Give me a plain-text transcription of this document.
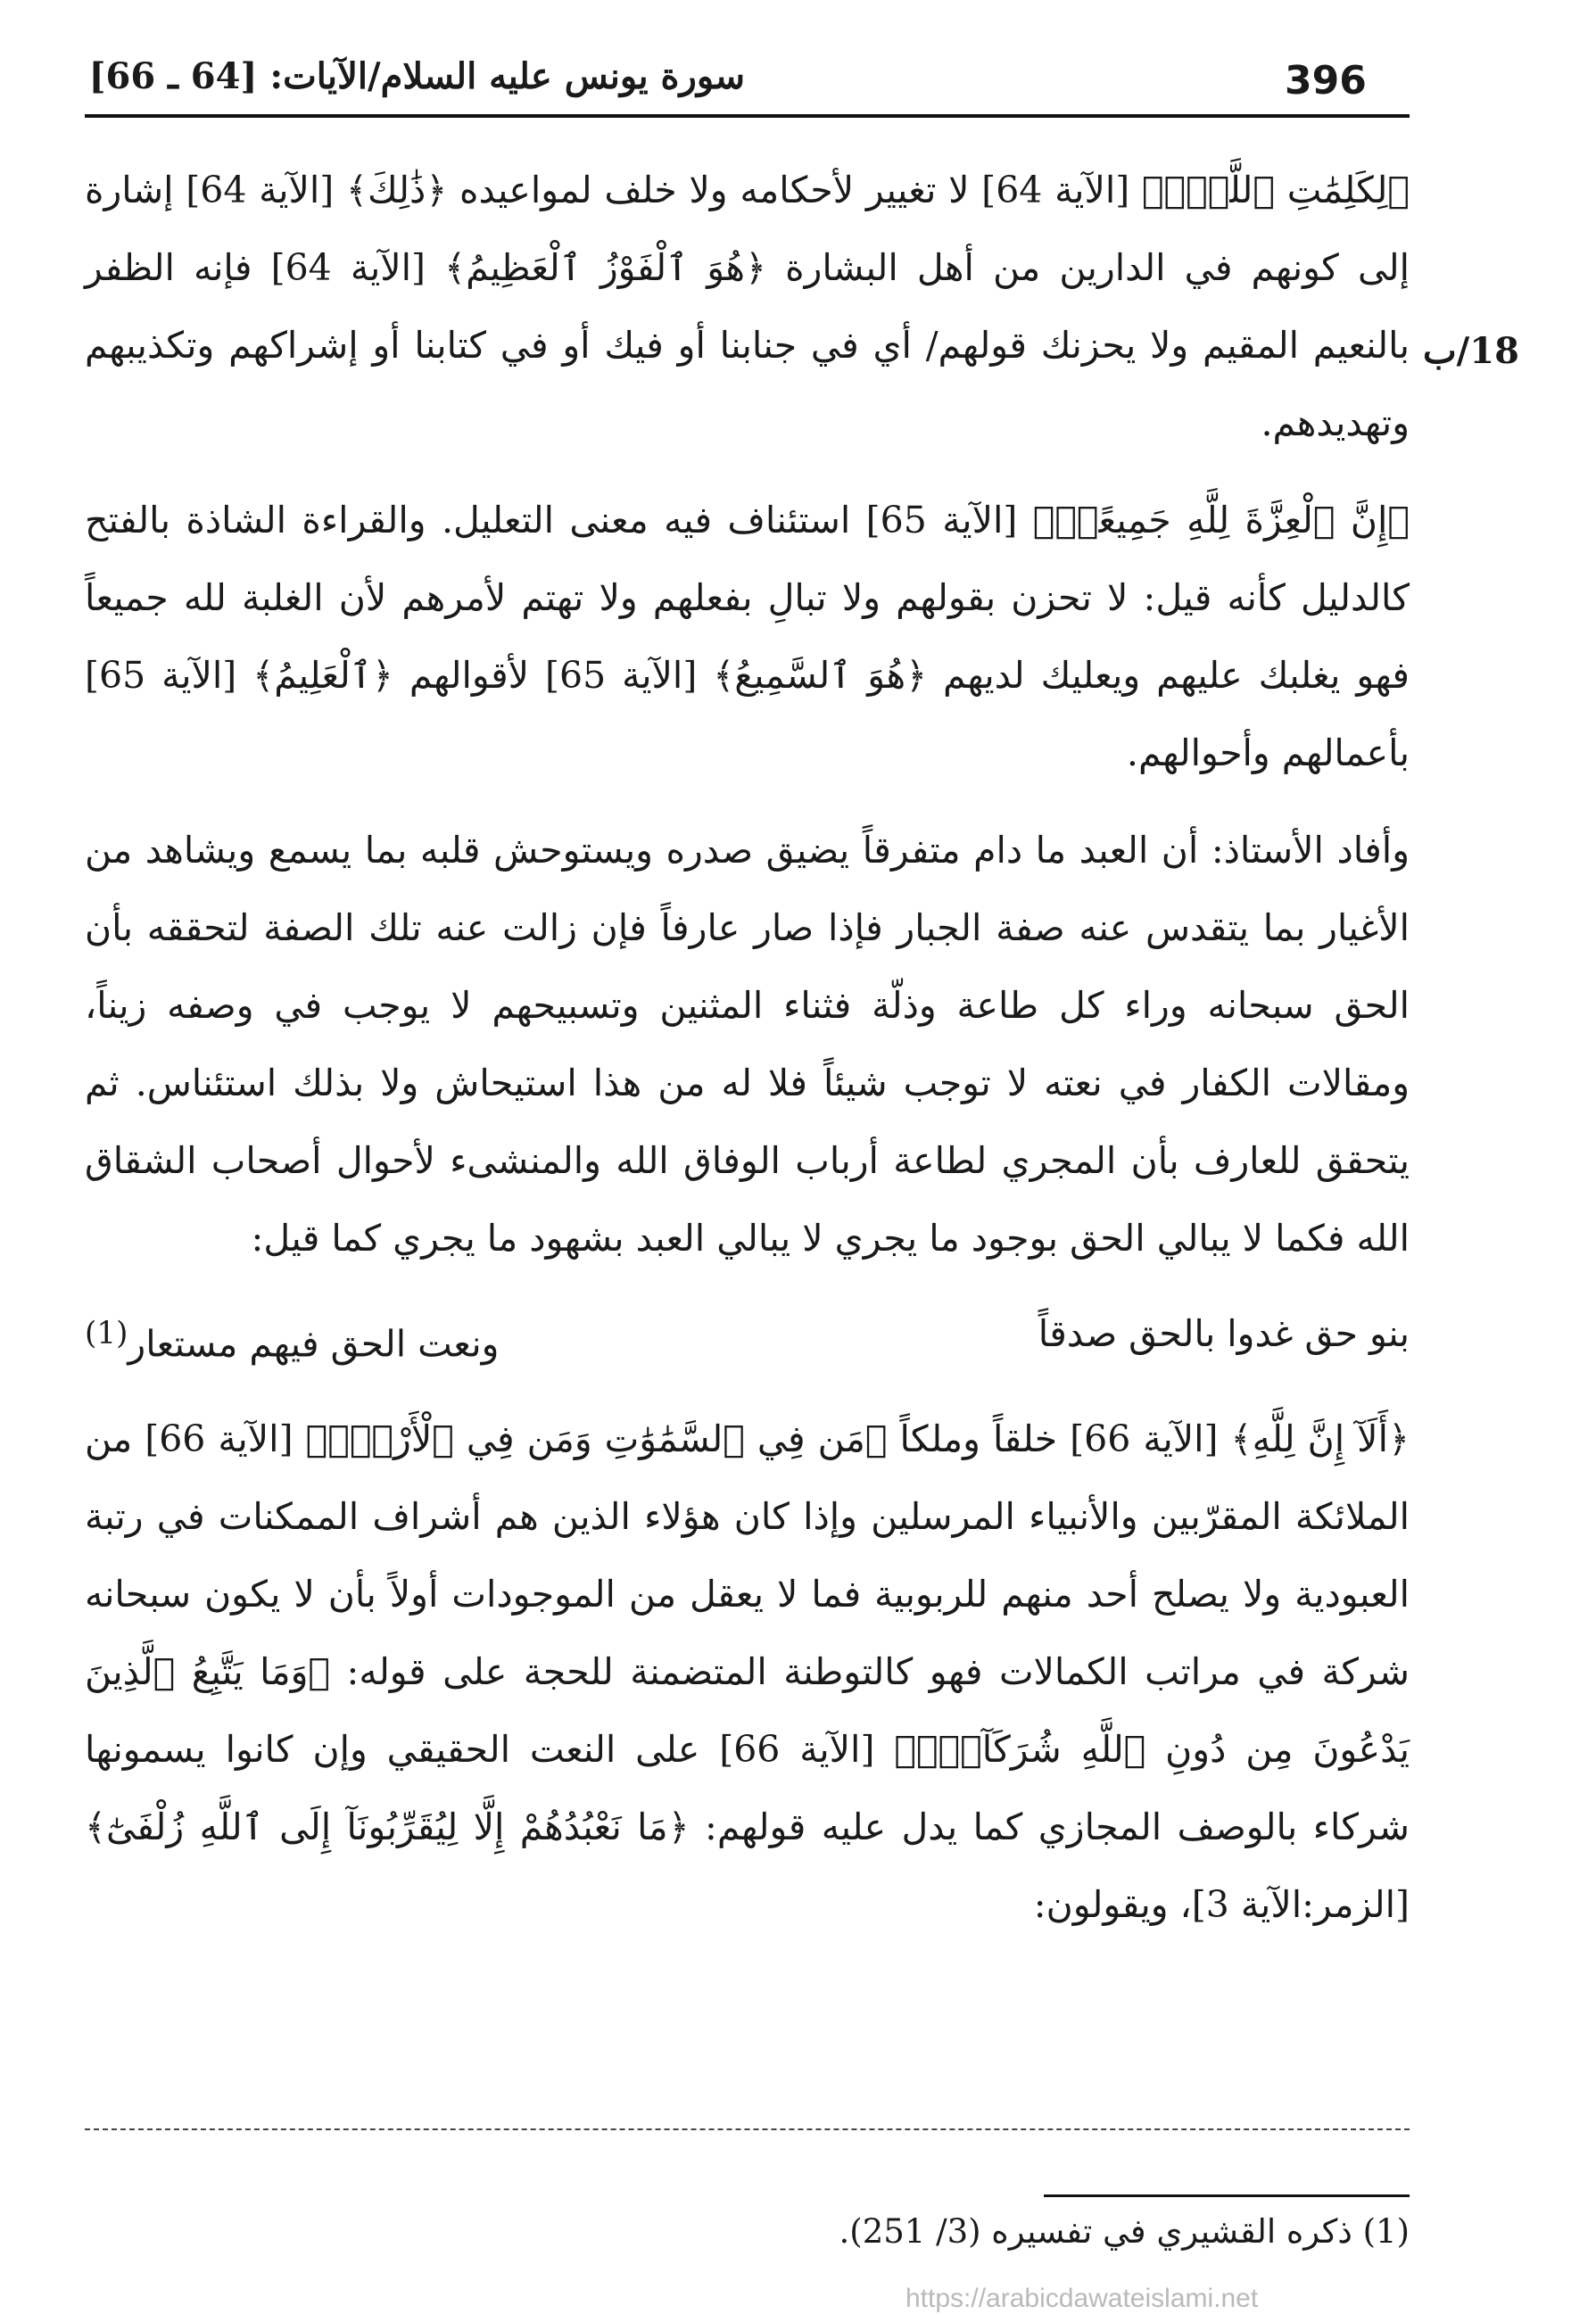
396
سورة يونس عليه السلام/الآيات: [64 ـ 66]
18/ب

﴿لِكَلِمَٰتِ ٱللَّهِۚ﴾ [الآية 64] لا تغيير لأحكامه ولا خلف لمواعيده ﴿ذَٰلِكَ﴾ [الآية 64] إشارة إلى كونهم في الدارين من أهل البشارة ﴿هُوَ ٱلْفَوْزُ ٱلْعَظِيمُ﴾ [الآية 64] فإنه الظفر بالنعيم المقيم ولا يحزنك قولهم/ أي في جنابنا أو فيك أو في كتابنا أو إشراكهم وتكذيبهم وتهديدهم.

﴿إِنَّ ٱلْعِزَّةَ لِلَّهِ جَمِيعًاۚ﴾ [الآية 65] استئناف فيه معنى التعليل. والقراءة الشاذة بالفتح كالدليل كأنه قيل: لا تحزن بقولهم ولا تبالِ بفعلهم ولا تهتم لأمرهم لأن الغلبة لله جميعاً فهو يغلبك عليهم ويعليك لديهم ﴿هُوَ ٱلسَّمِيعُ﴾ [الآية 65] لأقوالهم ﴿ٱلْعَلِيمُ﴾ [الآية 65] بأعمالهم وأحوالهم.

وأفاد الأستاذ: أن العبد ما دام متفرقاً يضيق صدره ويستوحش قلبه بما يسمع ويشاهد من الأغيار بما يتقدس عنه صفة الجبار فإذا صار عارفاً فإن زالت عنه تلك الصفة لتحققه بأن الحق سبحانه وراء كل طاعة وذلّة فثناء المثنين وتسبيحهم لا يوجب في وصفه زيناً، ومقالات الكفار في نعته لا توجب شيئاً فلا له من هذا استيحاش ولا بذلك استئناس. ثم يتحقق للعارف بأن المجري لطاعة أرباب الوفاق الله والمنشىء لأحوال أصحاب الشقاق الله فكما لا يبالي الحق بوجود ما يجري لا يبالي العبد بشهود ما يجري كما قيل:

بنو حق غدوا بالحق صدقاً
ونعت الحق فيهم مستعار$^{(1)}$

﴿أَلَآ إِنَّ لِلَّهِ﴾ [الآية 66] خلقاً وملكاً ﴿مَن فِي ٱلسَّمَٰوَٰتِ وَمَن فِي ٱلْأَرْضِۗ﴾ [الآية 66] من الملائكة المقرّبين والأنبياء المرسلين وإذا كان هؤلاء الذين هم أشراف الممكنات في رتبة العبودية ولا يصلح أحد منهم للربوبية فما لا يعقل من الموجودات أولاً بأن لا يكون سبحانه شركة في مراتب الكمالات فهو كالتوطنة المتضمنة للحجة على قوله: ﴿وَمَا يَتَّبِعُ ٱلَّذِينَ يَدْعُونَ مِن دُونِ ٱللَّهِ شُرَكَآءَۚ﴾ [الآية 66] على النعت الحقيقي وإن كانوا يسمونها شركاء بالوصف المجازي كما يدل عليه قولهم: ﴿مَا نَعْبُدُهُمْ إِلَّا لِيُقَرِّبُونَآ إِلَى ٱللَّهِ زُلْفَىٰٓ﴾ [الزمر:الآية 3]، ويقولون:

(1) ذكره القشيري في تفسيره (3/ 251).
https://arabicdawateislami.net
